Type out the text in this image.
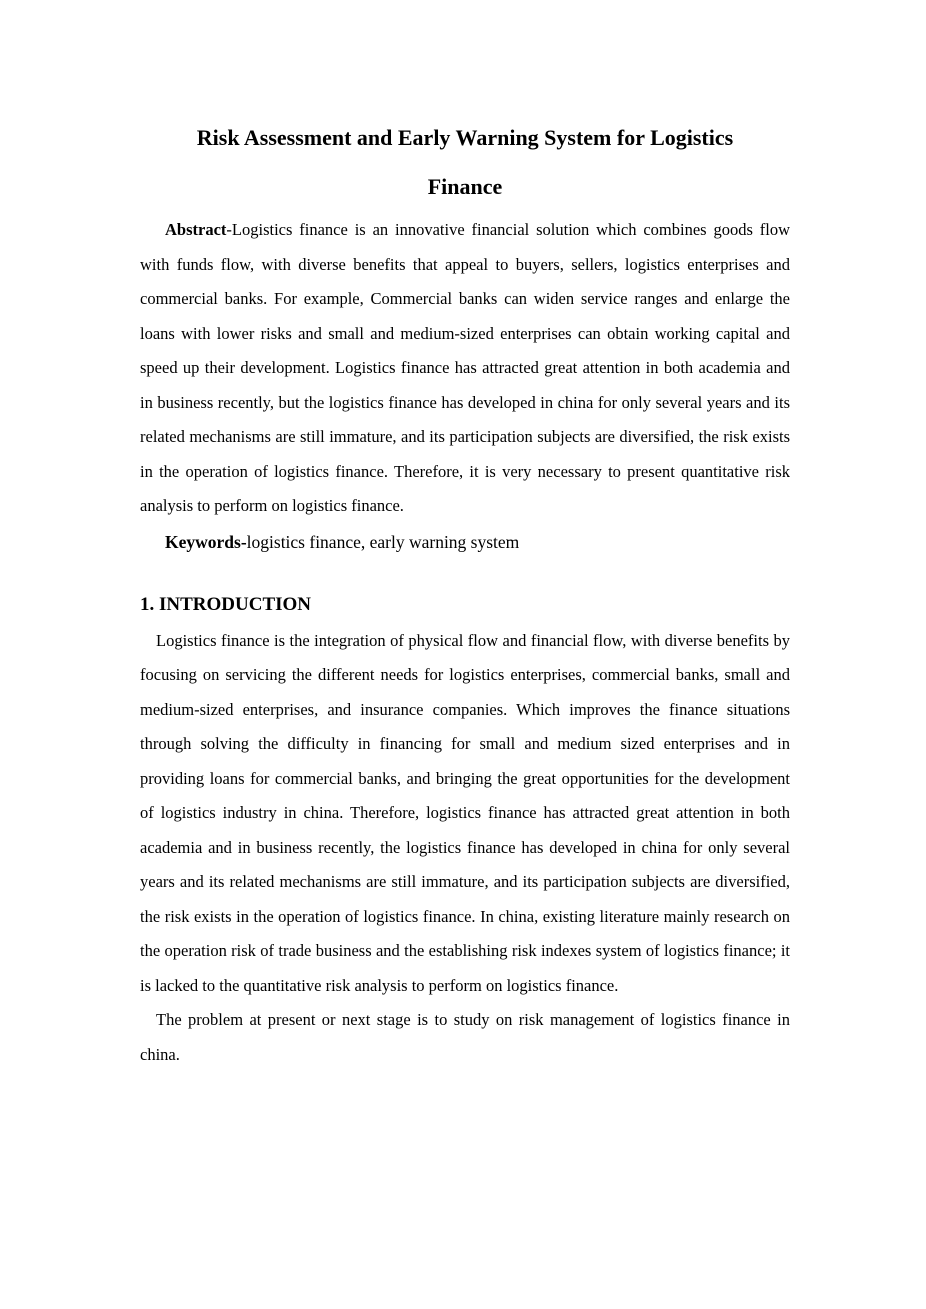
Risk Assessment and Early Warning System for Logistics
Finance

Abstract-Logistics finance is an innovative financial solution which combines goods flow with funds flow, with diverse benefits that appeal to buyers, sellers, logistics enterprises and commercial banks. For example, Commercial banks can widen service ranges and enlarge the loans with lower risks and small and medium-sized enterprises can obtain working capital and speed up their development. Logistics finance has attracted great attention in both academia and in business recently, but the logistics finance has developed in china for only several years and its related mechanisms are still immature, and its participation subjects are diversified, the risk exists in the operation of logistics finance. Therefore, it is very necessary to present quantitative risk analysis to perform on logistics finance.

Keywords-logistics finance, early warning system

1. INTRODUCTION

Logistics finance is the integration of physical flow and financial flow, with diverse benefits by focusing on servicing the different needs for logistics enterprises, commercial banks, small and medium-sized enterprises, and insurance companies. Which improves the finance situations through solving the difficulty in financing for small and medium sized enterprises and in providing loans for commercial banks, and bringing the great opportunities for the development of logistics industry in china. Therefore, logistics finance has attracted great attention in both academia and in business recently, the logistics finance has developed in china for only several years and its related mechanisms are still immature, and its participation subjects are diversified, the risk exists in the operation of logistics finance. In china, existing literature mainly research on the operation risk of trade business and the establishing risk indexes system of logistics finance; it is lacked to the quantitative risk analysis to perform on logistics finance.

The problem at present or next stage is to study on risk management of logistics finance in china.
